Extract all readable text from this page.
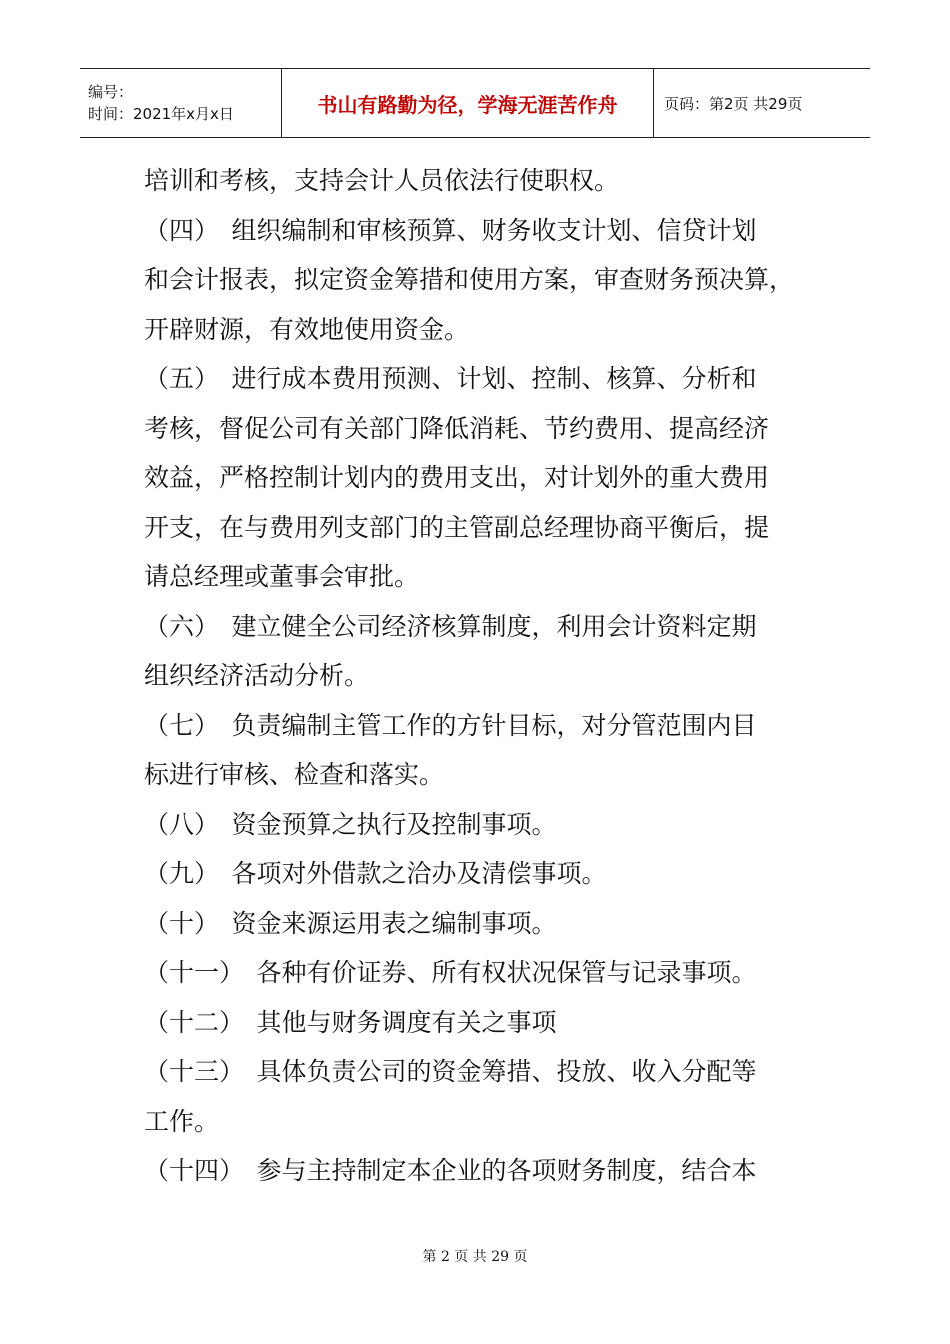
编号：
时间：2021年x月x日	书山有路勤为径，学海无涯苦作舟	页码：第2页 共29页
培训和考核，支持会计人员依法行使职权。
（四）　组织编制和审核预算、财务收支计划、信贷计划
和会计报表，拟定资金筹措和使用方案，审查财务预决算，
开辟财源，有效地使用资金。
（五）　进行成本费用预测、计划、控制、核算、分析和
考核，督促公司有关部门降低消耗、节约费用、提高经济
效益，严格控制计划内的费用支出，对计划外的重大费用
开支，在与费用列支部门的主管副总经理协商平衡后，提
请总经理或董事会审批。
（六）　建立健全公司经济核算制度，利用会计资料定期
组织经济活动分析。
（七）　负责编制主管工作的方针目标，对分管范围内目
标进行审核、检查和落实。
（八）　资金预算之执行及控制事项。
（九）　各项对外借款之洽办及清偿事项。
（十）　资金来源运用表之编制事项。
（十一）　各种有价证券、所有权状况保管与记录事项。
（十二）　其他与财务调度有关之事项
（十三）　具体负责公司的资金筹措、投放、收入分配等
工作。
（十四）　参与主持制定本企业的各项财务制度，结合本
第 2 页 共 29 页
